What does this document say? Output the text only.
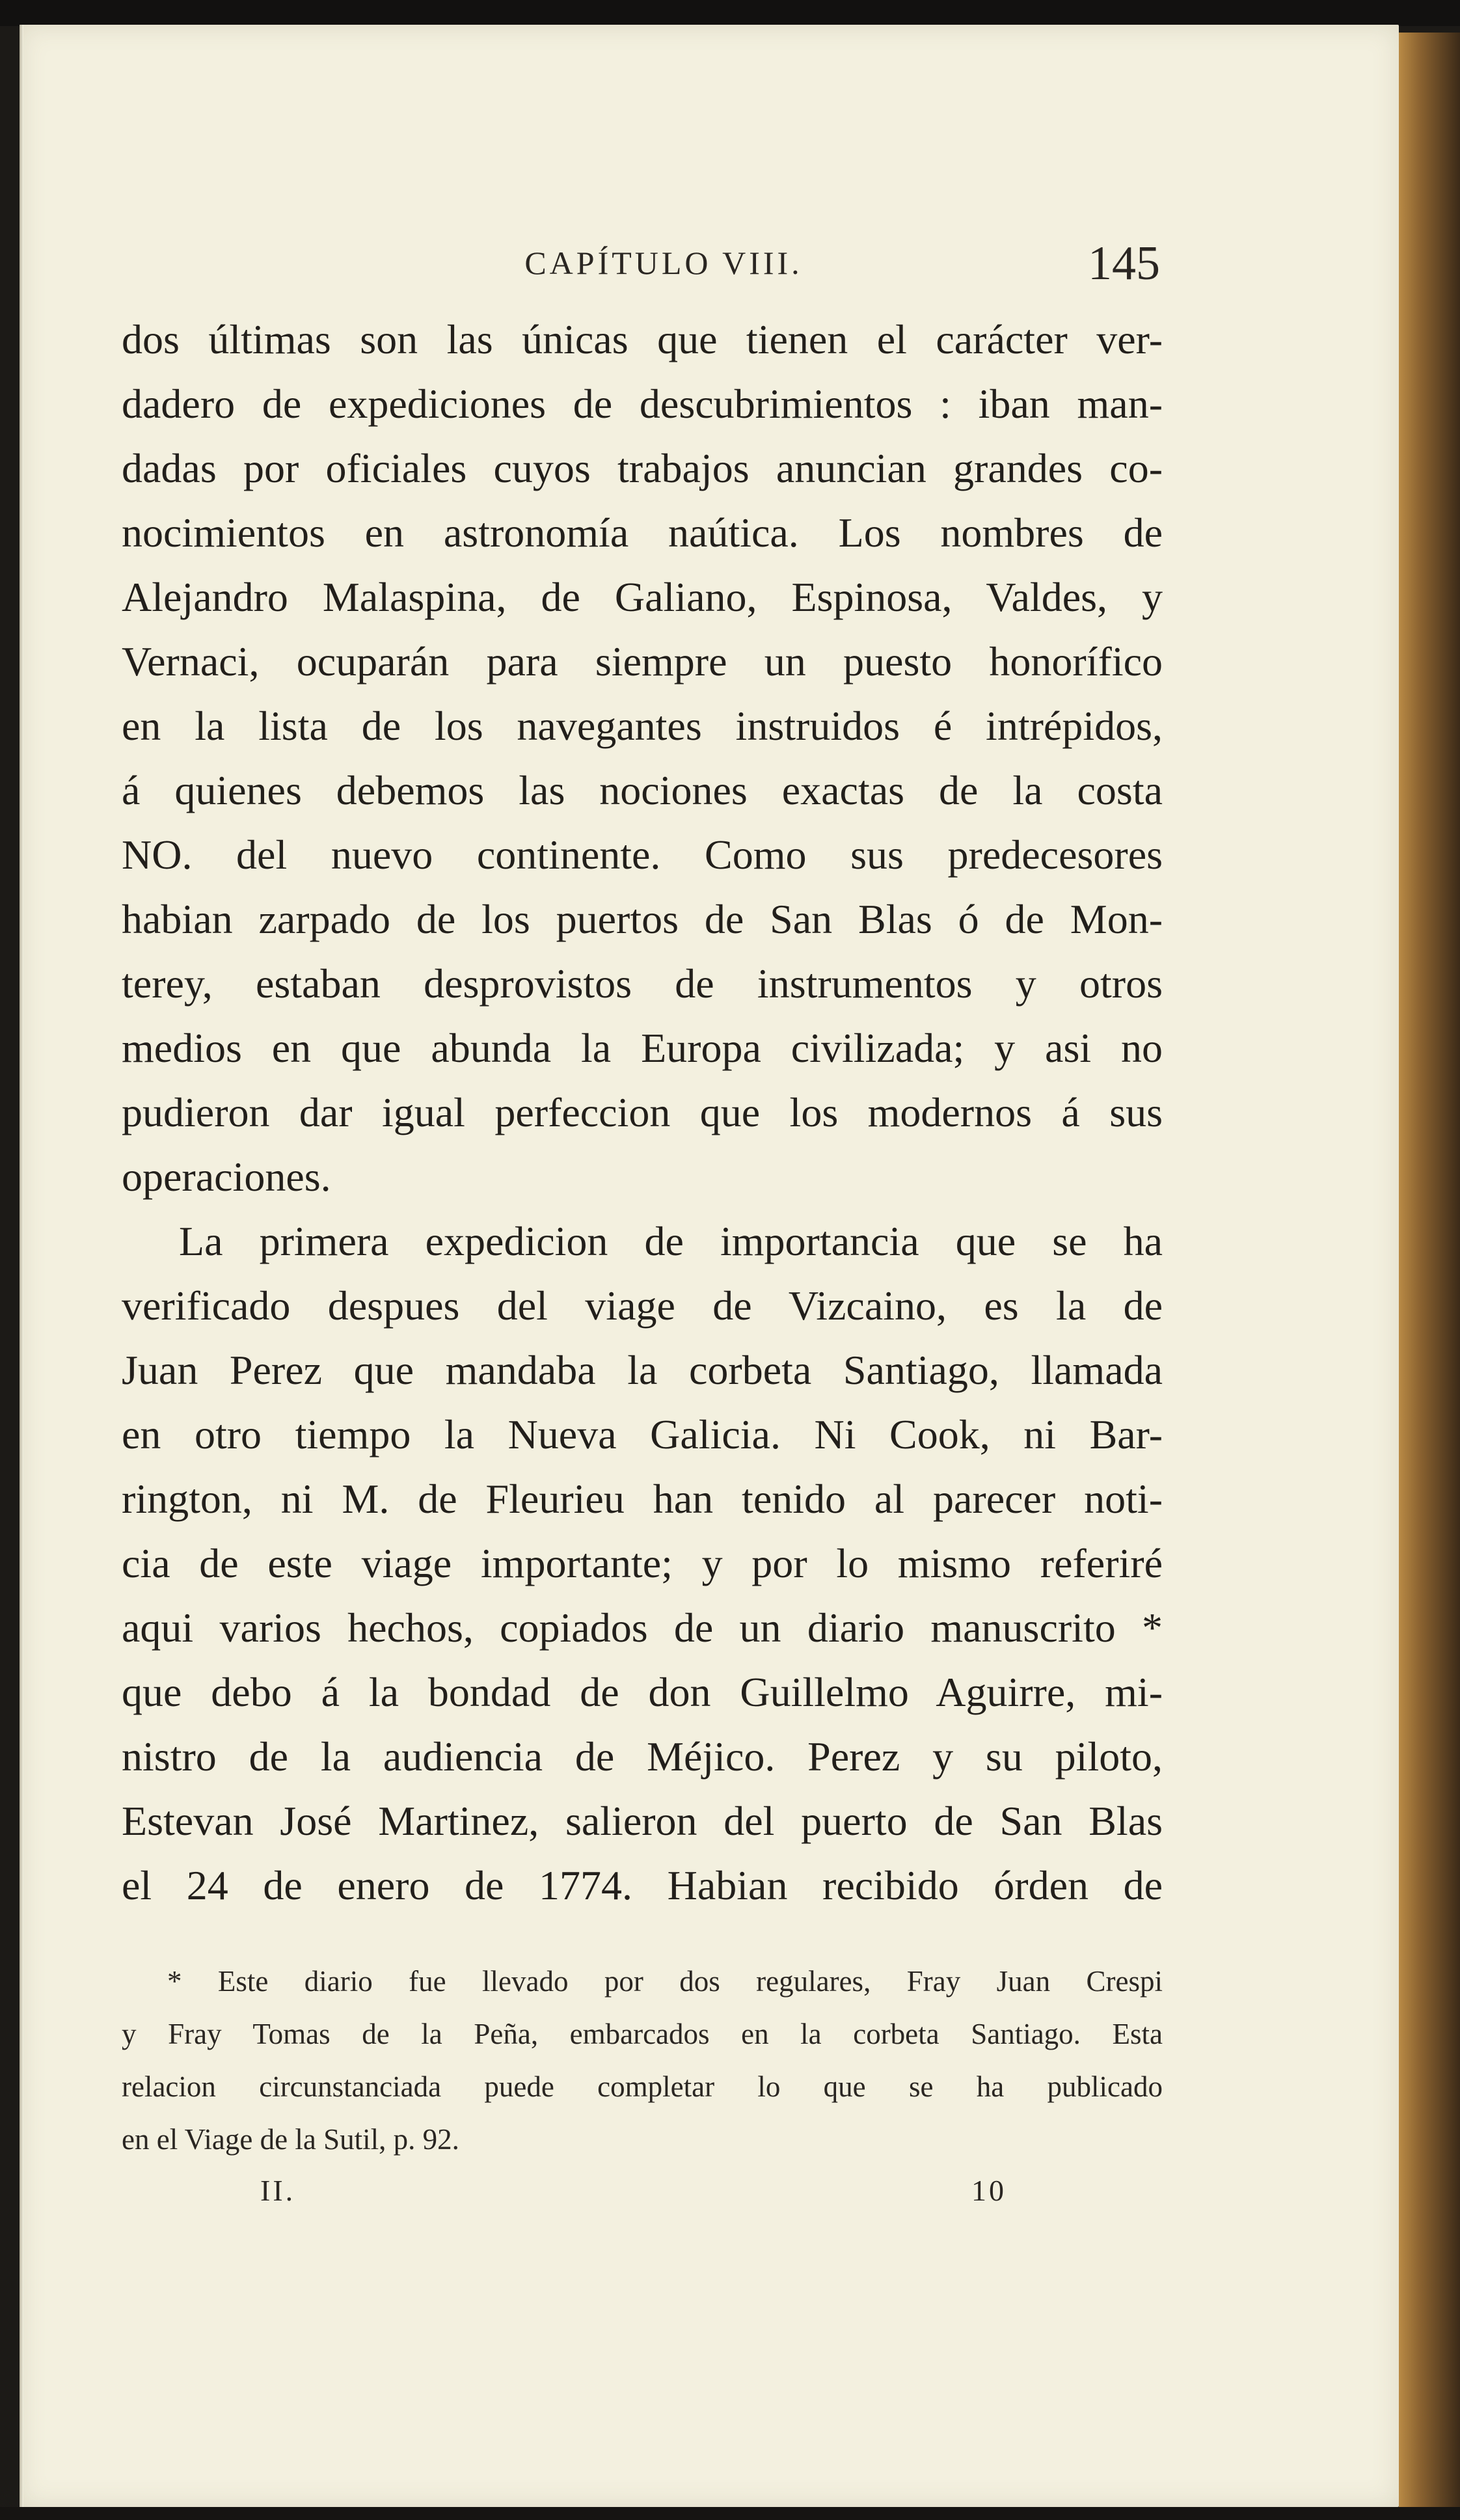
CAPÍTULO VIII.	145
dos últimas son las únicas que tienen el carácter ver-
dadero de expediciones de descubrimientos : iban man-
dadas por oficiales cuyos trabajos anuncian grandes co-
nocimientos en astronomía naútica. Los nombres de
Alejandro Malaspina, de Galiano, Espinosa, Valdes, y
Vernaci, ocuparán para siempre un puesto honorífico
en la lista de los navegantes instruidos é intrépidos,
á quienes debemos las nociones exactas de la costa
NO. del nuevo continente. Como sus predecesores
habian zarpado de los puertos de San Blas ó de Mon-
terey, estaban desprovistos de instrumentos y otros
medios en que abunda la Europa civilizada; y asi no
pudieron dar igual perfeccion que los modernos á sus
operaciones.
La primera expedicion de importancia que se ha
verificado despues del viage de Vizcaino, es la de
Juan Perez que mandaba la corbeta Santiago, llamada
en otro tiempo la Nueva Galicia. Ni Cook, ni Bar-
rington, ni M. de Fleurieu han tenido al parecer noti-
cia de este viage importante; y por lo mismo referiré
aqui varios hechos, copiados de un diario manuscrito *
que debo á la bondad de don Guillelmo Aguirre, mi-
nistro de la audiencia de Méjico. Perez y su piloto,
Estevan José Martinez, salieron del puerto de San Blas
el 24 de enero de 1774. Habian recibido órden de
* Este diario fue llevado por dos regulares, Fray Juan Crespi
y Fray Tomas de la Peña, embarcados en la corbeta Santiago. Esta
relacion circunstanciada puede completar lo que se ha publicado
en el Viage de la Sutil, p. 92.
II.	10
